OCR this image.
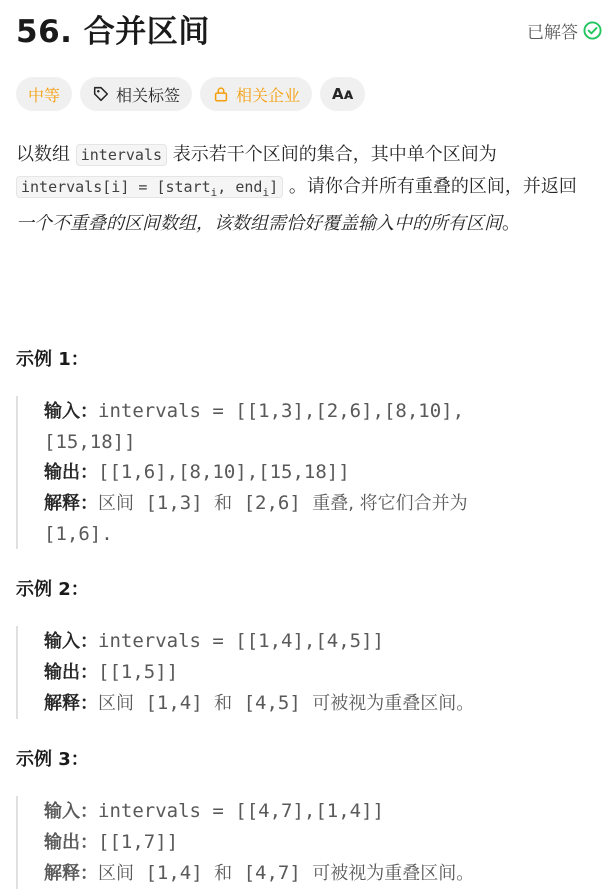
56. 合并区间	已解答
中等	相关标签	相关企业 Aᴀ
以数组 intervals 表示若干个区间的集合，其中单个区间为
intervals[i] = [start$_i$, end$_i$] 。请你合并所有重叠的区间，并返回 一个不重叠的区间数组，该数组需恰好覆盖输入中的所有区间。
示例 1：
输入：intervals = [[1,3],[2,6],[8,10],
[15,18]]
输出：[[1,6],[8,10],[15,18]]
解释：区间 [1,3] 和 [2,6] 重叠, 将它们合并为
[1,6].
示例 2：
输入：intervals = [[1,4],[4,5]]
输出：[[1,5]]
解释：区间 [1,4] 和 [4,5] 可被视为重叠区间。
示例 3：
输入：intervals = [[4,7],[1,4]]
输出：[[1,7]]
解释：区间 [1,4] 和 [4,7] 可被视为重叠区间。
